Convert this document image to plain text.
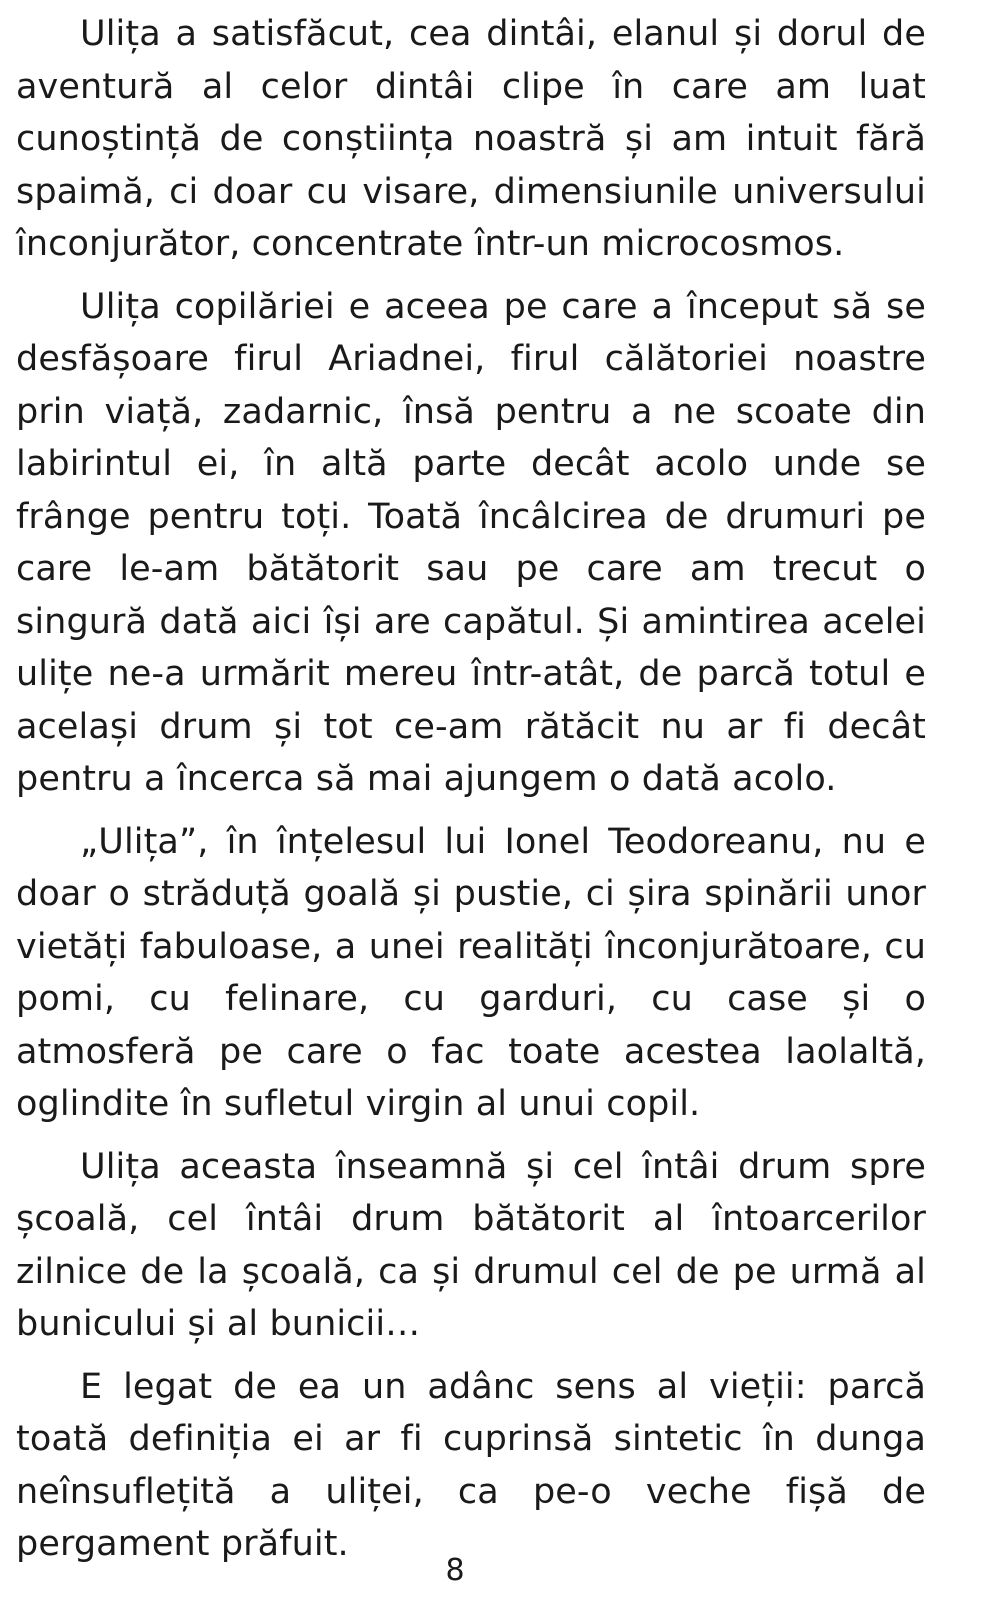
Ulița a satisfăcut, cea dintâi, elanul și dorul de aventură al celor dintâi clipe în care am luat cunoștință de conștiința noastră și am intuit fără spaimă, ci doar cu visare, dimensiunile universului înconjurător, concentrate într-un microcosmos.

Ulița copilăriei e aceea pe care a început să se desfășoare firul Ariadnei, firul călătoriei noastre prin viață, zadarnic, însă pentru a ne scoate din labirintul ei, în altă parte decât acolo unde se frânge pentru toți. Toată încâlcirea de drumuri pe care le-am bătătorit sau pe care am trecut o singură dată aici își are capătul. Și amintirea acelei ulițe ne-a urmărit mereu într-atât, de parcă totul e același drum și tot ce-am rătăcit nu ar fi decât pentru a încerca să mai ajungem o dată acolo.

„Ulița”, în înțelesul lui Ionel Teodoreanu, nu e doar o străduță goală și pustie, ci șira spinării unor vietăți fabuloase, a unei realități înconjurătoare, cu pomi, cu felinare, cu garduri, cu case și o atmosferă pe care o fac toate acestea laolaltă, oglindite în sufletul virgin al unui copil.

Ulița aceasta înseamnă și cel întâi drum spre școală, cel întâi drum bătătorit al întoarcerilor zilnice de la școală, ca și drumul cel de pe urmă al bunicului și al bunicii…

E legat de ea un adânc sens al vieții: parcă toată definiția ei ar fi cuprinsă sintetic în dunga neînsuflețită a uliței, ca pe-o veche fișă de pergament prăfuit.

8
